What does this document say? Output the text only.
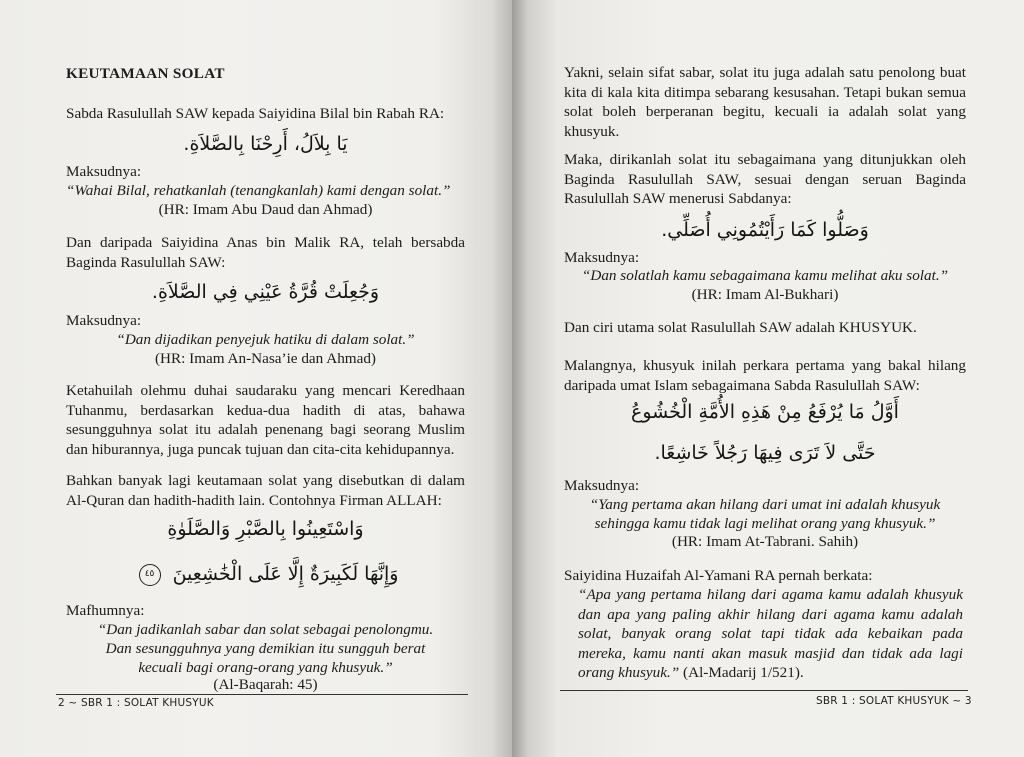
KEUTAMAAN SOLAT

Sabda Rasulullah SAW kepada Saiyidina Bilal bin Rabah RA:

يَا بِلاَلُ، أَرِحْنَا بِالصَّلاَةِ.

Maksudnya:

“Wahai Bilal, rehatkanlah (tenangkanlah) kami dengan solat.”

(HR: Imam Abu Daud dan Ahmad)

Dan daripada Saiyidina Anas bin Malik RA, telah bersabda Baginda Rasulullah SAW:

وَجُعِلَتْ قُرَّةُ عَيْنِي فِي الصَّلاَةِ.

Maksudnya:

“Dan dijadikan penyejuk hatiku di dalam solat.”

(HR: Imam An-Nasa’ie dan Ahmad)

Ketahuilah olehmu duhai saudaraku yang mencari Keredhaan Tuhanmu, berdasarkan kedua-dua hadith di atas, bahawa sesungguhnya solat itu adalah penenang bagi seorang Muslim dan hiburannya, juga puncak tujuan dan cita-cita kehidupannya.

Bahkan banyak lagi keutamaan solat yang disebutkan di dalam Al-Quran dan hadith-hadith lain. Contohnya Firman ALLAH:

وَاسْتَعِينُوا بِالصَّبْرِ وَالصَّلَوٰةِ

وَإِنَّهَا لَكَبِيرَةٌ إِلَّا عَلَى الْخَٰشِعِينَ ٤٥

Mafhumnya:

“Dan jadikanlah sabar dan solat sebagai penolongmu.

Dan sesungguhnya yang demikian itu sungguh berat

kecuali bagi orang-orang yang khusyuk.”

(Al-Baqarah: 45)

2 ~ SBR 1 : SOLAT KHUSYUK

Yakni, selain sifat sabar, solat itu juga adalah satu penolong buat kita di kala kita ditimpa sebarang kesusahan. Tetapi bukan semua solat boleh berperanan begitu, kecuali ia adalah solat yang khusyuk.

Maka, dirikanlah solat itu sebagaimana yang ditunjukkan oleh Baginda Rasulullah SAW, sesuai dengan seruan Baginda Rasulullah SAW menerusi Sabdanya:

وَصَلُّوا كَمَا رَأَيْتُمُونِي أُصَلِّي.

Maksudnya:

“Dan solatlah kamu sebagaimana kamu melihat aku solat.”

(HR: Imam Al-Bukhari)

Dan ciri utama solat Rasulullah SAW adalah KHUSYUK.

Malangnya, khusyuk inilah perkara pertama yang bakal hilang daripada umat Islam sebagaimana Sabda Rasulullah SAW:

أَوَّلُ مَا يُرْفَعُ مِنْ هَذِهِ الأُمَّةِ الْخُشُوعُ

حَتَّى لاَ تَرَى فِيهَا رَجُلاً خَاشِعًا.

Maksudnya:

“Yang pertama akan hilang dari umat ini adalah khusyuk

sehingga kamu tidak lagi melihat orang yang khusyuk.”

(HR: Imam At-Tabrani. Sahih)

Saiyidina Huzaifah Al-Yamani RA pernah berkata:

“Apa yang pertama hilang dari agama kamu adalah khusyuk dan apa yang paling akhir hilang dari agama kamu adalah solat, banyak orang solat tapi tidak ada kebaikan pada mereka, kamu nanti akan masuk masjid dan tidak ada lagi orang khusyuk.” (Al-Madarij 1/521).

SBR 1 : SOLAT KHUSYUK ~ 3
